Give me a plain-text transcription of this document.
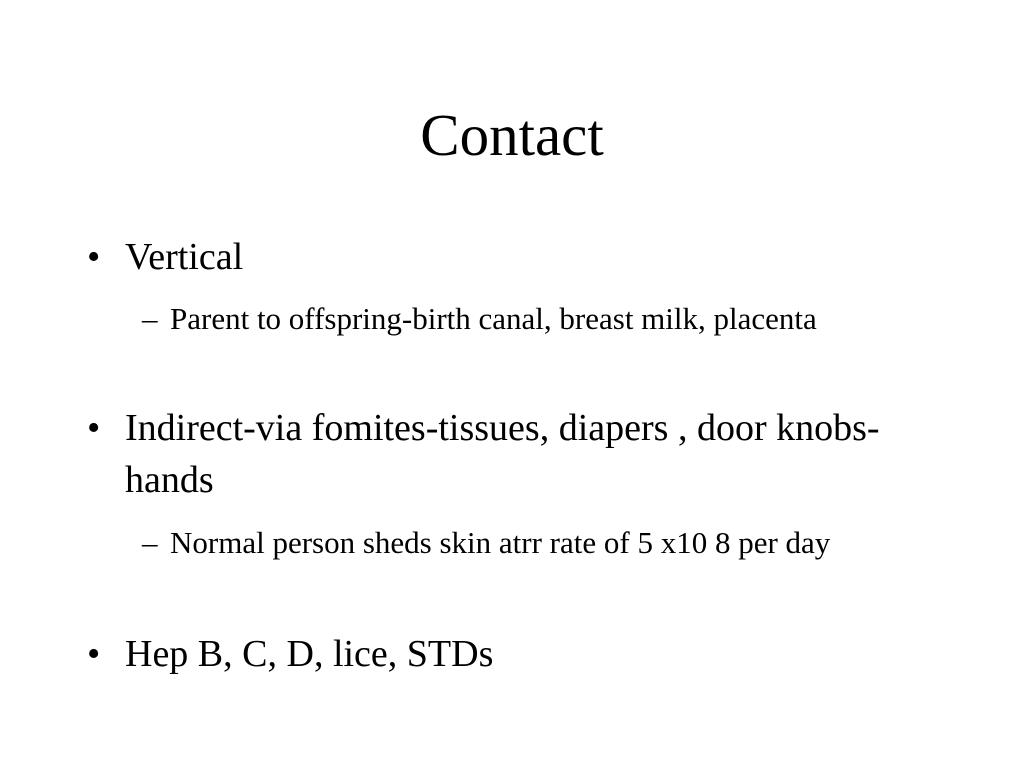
Contact
• Vertical
– Parent to offspring-birth canal, breast milk, placenta
• Indirect-via fomites-tissues, diapers , door knobs- hands
– Normal person sheds skin atrr rate of 5 x10 8 per day
• Hep B, C, D, lice, STDs
